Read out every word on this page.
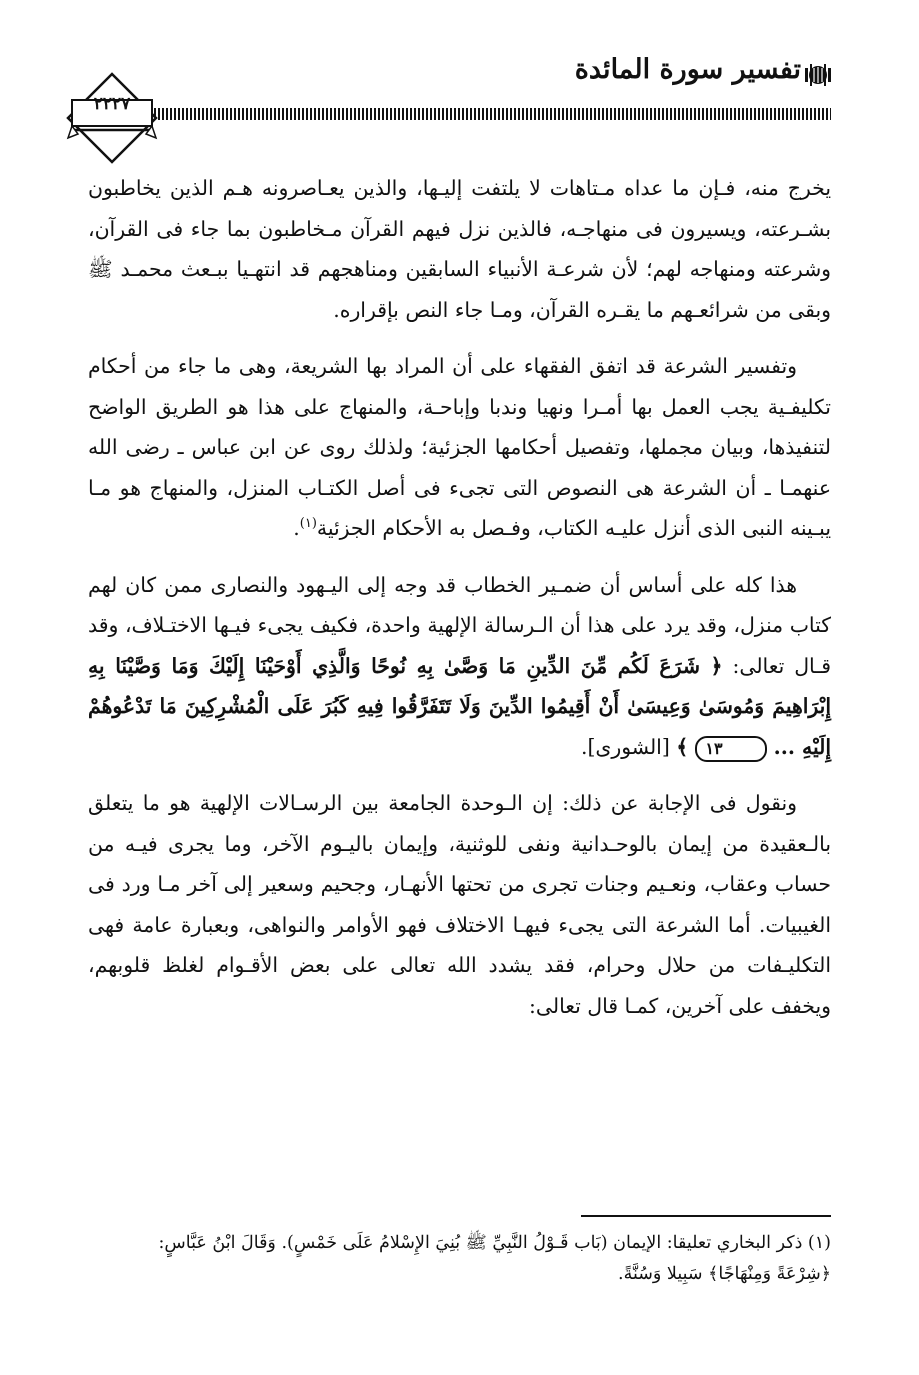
تفسير سورة المائدة
٢٢٢٧

يخرج منه، فـإن ما عداه مـتاهات لا يلتفت إليـها، والذين يعـاصرونه هـم الذين يخاطبون بشـرعته، ويسيرون فى منهاجـه، فالذين نزل فيهم القرآن مـخاطبون بما جاء فى القرآن، وشرعته ومنهاجه لهم؛ لأن شرعـة الأنبياء السابقين ومناهجهم قد انتهـيا ببـعث محمـد ﷺ وبقى من شرائعـهم ما يقـره القرآن، ومـا جاء النص بإقراره.

وتفسير الشرعة قد اتفق الفقهاء على أن المراد بها الشريعة، وهى ما جاء من أحكام تكليفـية يجب العمل بها أمـرا ونهيا وندبا وإباحـة، والمنهاج على هذا هو الطريق الواضح لتنفيذها، وبيان مجملها، وتفصيل أحكامها الجزئية؛ ولذلك روى عن ابن عباس ـ رضى الله عنهمـا ـ أن الشرعة هى النصوص التى تجىء فى أصل الكتـاب المنزل، والمنهاج هو مـا يبـينه النبى الذى أنزل عليـه الكتاب، وفـصل به الأحكام الجزئية$^{(١)}$.

هذا كله على أساس أن ضمـير الخطاب قد وجه إلى اليـهود والنصارى ممن كان لهم كتاب منزل، وقد يرد على هذا أن الـرسالة الإلهية واحدة، فكيف يجىء فيـها الاختـلاف، وقد قـال تعالى: ﴿ شَرَعَ لَكُم مِّنَ الدِّينِ مَا وَصَّىٰ بِهِ نُوحًا وَالَّذِي أَوْحَيْنَا إِلَيْكَ وَمَا وَصَّيْنَا بِهِ إِبْرَاهِيمَ وَمُوسَىٰ وَعِيسَىٰ أَنْ أَقِيمُوا الدِّينَ وَلَا تَتَفَرَّقُوا فِيهِ كَبُرَ عَلَى الْمُشْرِكِينَ مَا تَدْعُوهُمْ إِلَيْهِ ... ١٣ ﴾ [الشورى].

ونقول فى الإجابة عن ذلك: إن الـوحدة الجامعة بين الرسـالات الإلهية هو ما يتعلق بالـعقيدة من إيمان بالوحـدانية ونفى للوثنية، وإيمان باليـوم الآخر، وما يجرى فيـه من حساب وعقاب، ونعـيم وجنات تجرى من تحتها الأنهـار، وجحيم وسعير إلى آخر مـا ورد فى الغيبيات. أما الشرعة التى يجىء فيهـا الاختلاف فهو الأوامر والنواهى، وبعبارة عامة فهى التكليـفات من حلال وحرام، فقد يشدد الله تعالى على بعض الأقـوام لغلظ قلوبهم، ويخفف على آخرين، كمـا قال تعالى:

(١) ذكر البخاري تعليقا: الإيمان (بَاب قَـوْلُ النَّبِيِّ ﷺ بُنِيَ الإِسْلامُ عَلَى خَمْسٍ). وَقَالَ ابْنُ عَبَّاسٍ:

﴿شِرْعَةً وَمِنْهَاجًا﴾ سَبِيلا وَسُنَّةً.
